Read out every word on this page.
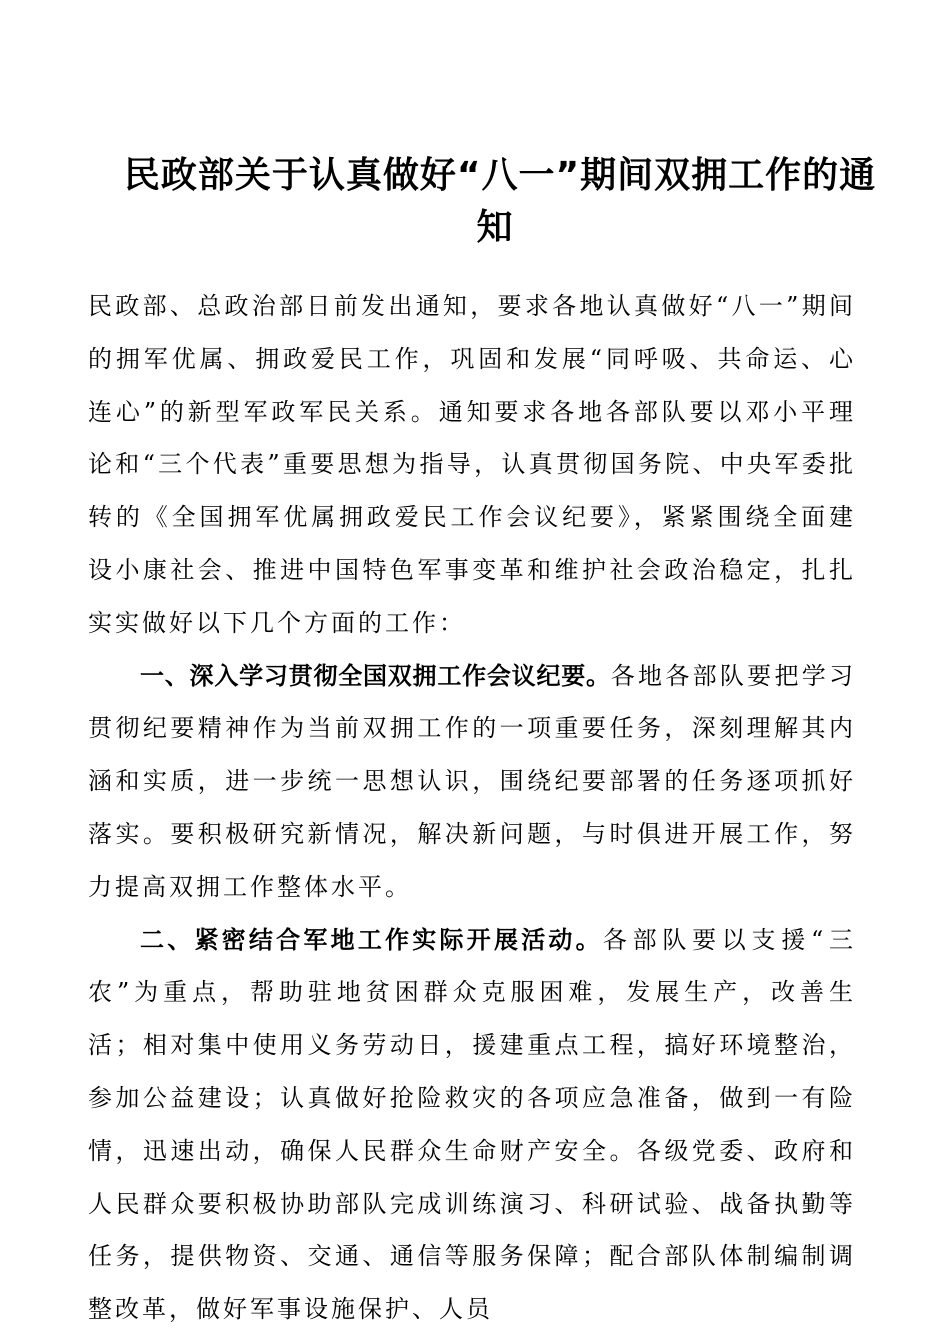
民政部关于认真做好“八一”期间双拥工作的通
知

民政部、总政治部日前发出通知，要求各地认真做好“八一”期间的拥军优属、拥政爱民工作，巩固和发展“同呼吸、共命运、心连心”的新型军政军民关系。通知要求各地各部队要以邓小平理论和“三个代表”重要思想为指导，认真贯彻国务院、中央军委批转的《全国拥军优属拥政爱民工作会议纪要》，紧紧围绕全面建设小康社会、推进中国特色军事变革和维护社会政治稳定，扎扎实实做好以下几个方面的工作：

一、深入学习贯彻全国双拥工作会议纪要。各地各部队要把学习贯彻纪要精神作为当前双拥工作的一项重要任务，深刻理解其内涵和实质，进一步统一思想认识，围绕纪要部署的任务逐项抓好落实。要积极研究新情况，解决新问题，与时俱进开展工作，努力提高双拥工作整体水平。

二、紧密结合军地工作实际开展活动。各部队要以支援“三农”为重点，帮助驻地贫困群众克服困难，发展生产，改善生活；相对集中使用义务劳动日，援建重点工程，搞好环境整治，参加公益建设；认真做好抢险救灾的各项应急准备，做到一有险情，迅速出动，确保人民群众生命财产安全。各级党委、政府和人民群众要积极协助部队完成训练演习、科研试验、战备执勤等任务，提供物资、交通、通信等服务保障；配合部队体制编制调整改革，做好军事设施保护、人员
